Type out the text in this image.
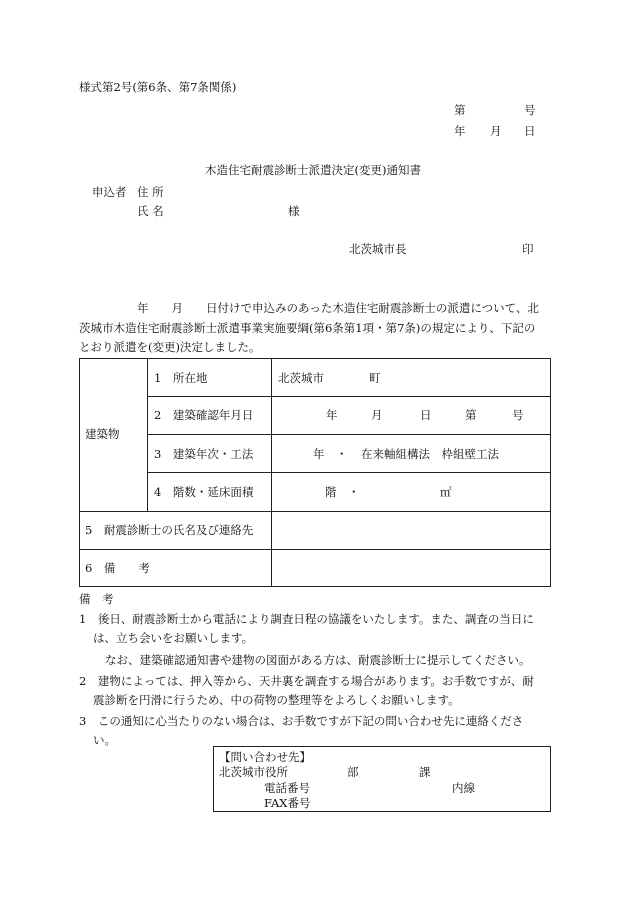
様式第2号(第6条、第7条関係)
第	号
年 月 日
木造住宅耐震診断士派遣決定(変更)通知書
申込者 住 所
氏 名	様
北茨城市長	印
年　　月　　日付けで申込みのあった木造住宅耐震診断士の派遣について、北
茨城市木造住宅耐震診断士派遣事業実施要綱(第6条第1項・第7条)の規定により、下記の
とおり派遣を(変更)決定しました。
建築物
1　所在地	北茨城市	町
2　建築確認年月日	年	月	日	第	号
3　建築年次・工法	年　・ 在来軸組構法　枠組壁工法
4　階数・延床面積	階　・	㎡
5　耐震診断士の氏名及び連絡先
6　備　　考
備　考
1　後日、耐震診断士から電話により調査日程の協議をいたします。また、調査の当日に
は、立ち会いをお願いします。
なお、建築確認通知書や建物の図面がある方は、耐震診断士に提示してください。
2　建物によっては、押入等から、天井裏を調査する場合があります。お手数ですが、耐
震診断を円滑に行うため、中の荷物の整理等をよろしくお願いします。
3　この通知に心当たりのない場合は、お手数ですが下記の問い合わせ先に連絡くださ
い。
【問い合わせ先】
北茨城市役所	部	課
電話番号	内線
FAX番号
